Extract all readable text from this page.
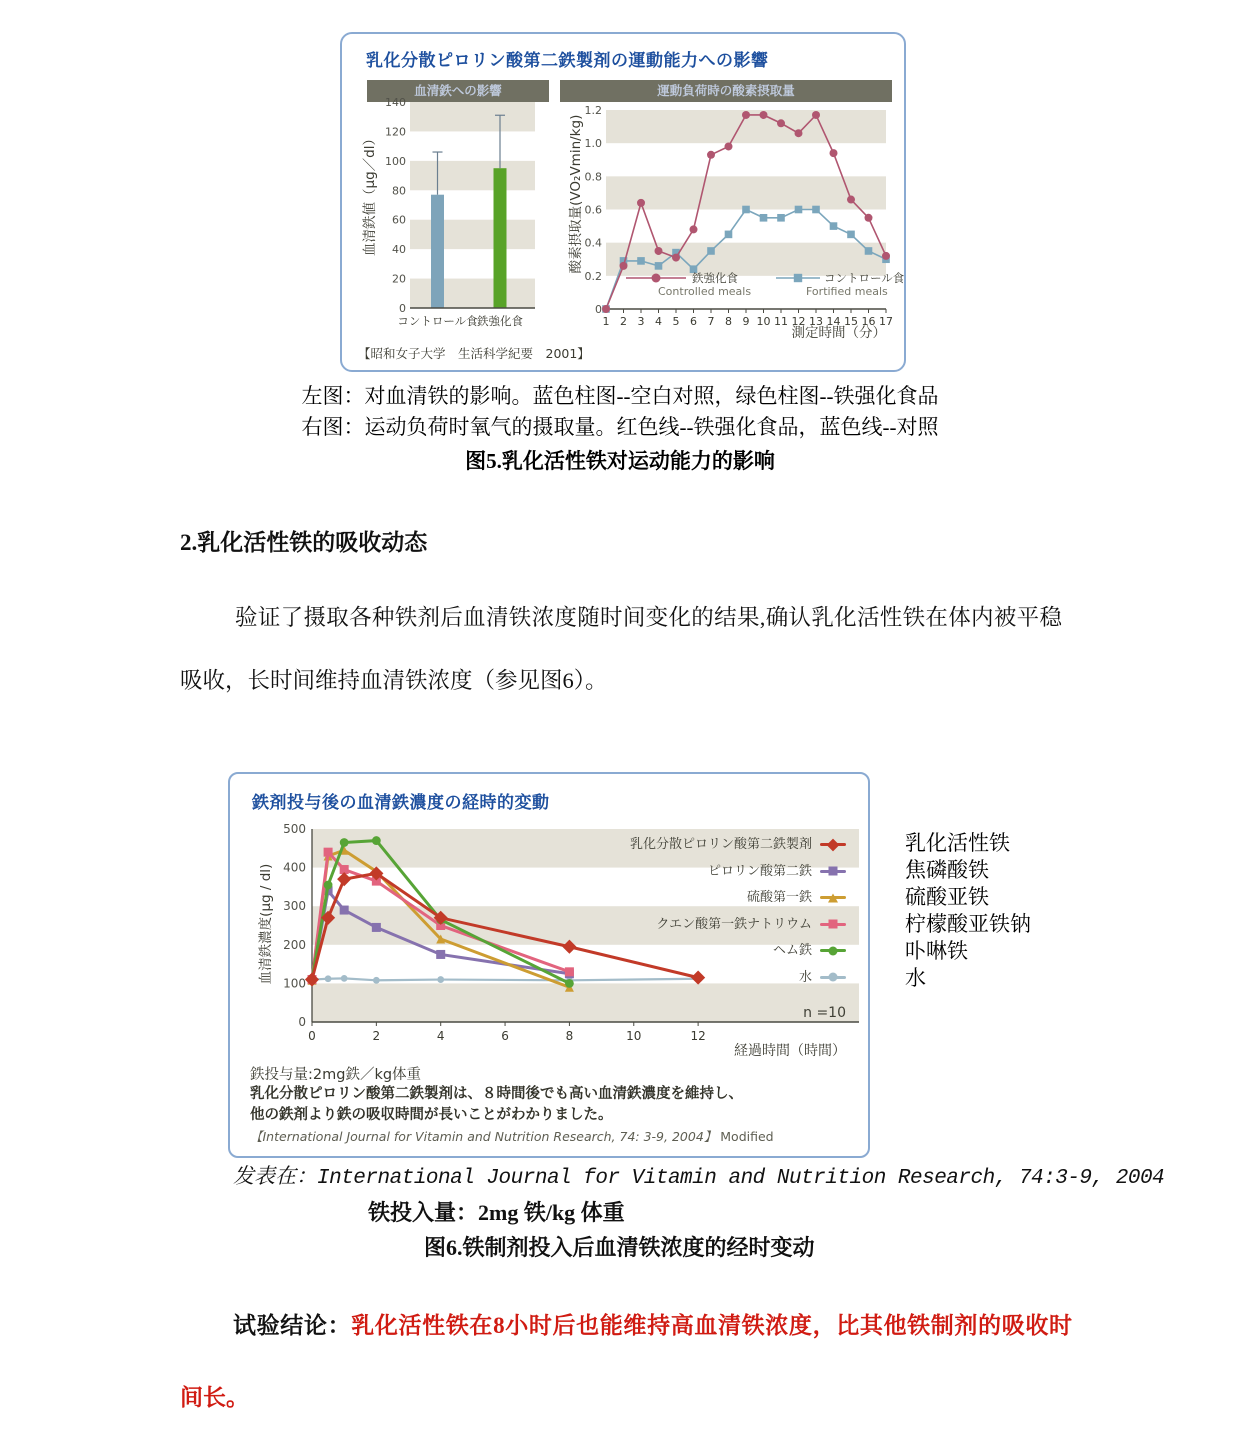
乳化分散ピロリン酸第二鉄製剤の運動能力への影響
血清鉄への影響	運動負荷時の酸素摂取量
血清鉄値（μg／dl）
0
20
40
60
80
100
120
140
コントロール食 鉄強化食
【昭和女子大学　生活科学紀要　2001】
酸素摂取量(VO₂Vmin/kg)
0
0.2
0.4
0.6
0.8
1.0
1.2
1 2 3 4 5 6 7 8 9 10 11 12 13 14 15 16 17
鉄強化食
Controlled meals
コントロール食
Fortified meals
測定時間（分）
左图：对血清铁的影响。蓝色柱图--空白对照，绿色柱图--铁强化食品
右图：运动负荷时氧气的摄取量。红色线--铁强化食品，蓝色线--对照
图5.乳化活性铁对运动能力的影响
2.乳化活性铁的吸收动态
验证了摄取各种铁剂后血清铁浓度随时间变化的结果,确认乳化活性铁在体内被平稳吸收，长时间维持血清铁浓度（参见图6）。
鉄剤投与後の血清鉄濃度の経時的変動
血清鉄濃度(μg / dl)
0
100
200
300
400
500
0	2	4	6	8	10	12
乳化分散ピロリン酸第二鉄製剤
ピロリン酸第二鉄
硫酸第一鉄
クエン酸第一鉄ナトリウム
ヘム鉄
水
n =10
経過時間（時間）
鉄投与量:2mg鉄／kg体重
乳化分散ピロリン酸第二鉄製剤は、８時間後でも高い血清鉄濃度を維持し、
他の鉄剤より鉄の吸収時間が長いことがわかりました。
【International Journal for Vitamin and Nutrition Research, 74: 3-9, 2004】 Modified
乳化活性铁
焦磷酸铁
硫酸亚铁
柠檬酸亚铁钠
卟啉铁
水
发表在：International Journal for Vitamin and Nutrition Research, 74:3-9, 2004
铁投入量：2mg 铁/kg 体重
图6.铁制剂投入后血清铁浓度的经时变动
试验结论：乳化活性铁在8小时后也能维持高血清铁浓度，比其他铁制剂的吸收时间长。
